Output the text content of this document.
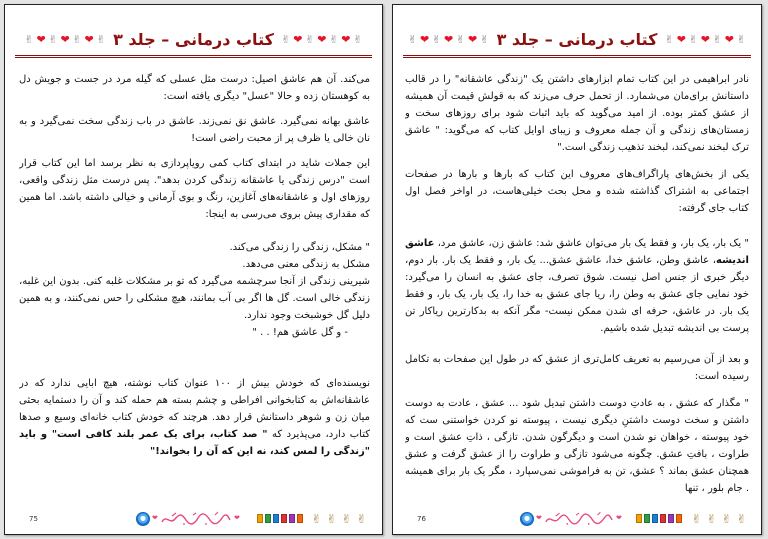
✌
❤
✌
❤
✌
❤
✌
کتاب درمانی – جلد ۳
✌
❤
✌
❤
✌
❤
✌

می‌کند. آن هم عاشق اصیل: درست مثل عسلی که گیله مرد در جست و جویش دل به کوهستان زده و حالا "عسل" دیگری یافته است:

عاشق بهانه نمی‌گیرد. عاشق نق نمی‌زند. عاشق در باب زندگی سخت نمی‌گیرد و به نان خالی یا ظرف پر از محبت راضی است!

این جملات شاید در ابتدای کتاب کمی رویاپردازی به نظر برسد اما این کتاب قرار است "درس زندگی یا عاشقانه زندگی کردن بدهد". پس درست مثل زندگی واقعی، روزهای اول و عاشقانه‌های آغازین، رنگ و بوی آرمانی و خیالی داشته باشد. اما همین که مقداری پیش بروی می‌رسی به اینجا:

" مشکل، زندگی را زندگی می‌کند.

مشکل به زندگی معنی می‌دهد.

شیرینی زندگی از آنجا سرچشمه می‌گیرد که تو بر مشکلات غلبه کنی. بدون این غلبه، زندگی خالی است. گل ها اگر بی آب بمانند، هیچ مشکلی را حس نمی‌کنند، و به همین دلیل گل خوشبخت وجود ندارد.

- و گل عاشق هم! . . "

نویسنده‌ای که خودش بیش از ۱۰۰ عنوان کتاب نوشته، هیچ ابایی ندارد که در عاشقانه‌اش به کتابخوانی افراطی و چشم بسته هم حمله کند و آن را دستمایه بحثی میان زن و شوهر داستانش قرار دهد. هرچند که خودش کتاب خانه‌ای وسیع و صدها کتاب دارد، می‌پذیرد که " صد کتاب، برای یک عمر بلند کافی است" و باید "زندگی را لمس کند، نه این که آن را بخواند!"

75
❤
❤
✌
✌
✌
✌
✌
❤
✌
❤
✌
❤
✌
کتاب درمانی – جلد ۳
✌
❤
✌
❤
✌
❤
✌

نادر ابراهیمی در این کتاب تمام ابزارهای داشتن یک "زندگی عاشقانه" را در قالب داستانش برای‌مان می‌شمارد. از تحمل حرف می‌زند که به قولش قیمت آن همیشه از عشق کمتر بوده. از امید می‌گوید که باید اثبات شود برای روزهای سخت و زمستان‌های زندگی و آن جمله معروف و زیبای اوایل کتاب که می‌گوید: " عاشق ترک لبخند نمی‌کند، لبخند تذهیب زندگی است."

یکی از بخش‌های پاراگراف‌های معروف این کتاب که بارها و بارها در صفحات اجتماعی به اشتراک گذاشته شده و محل بحث خیلی‌هاست، در اواخر فصل اول کتاب جای گرفته:

" یک بار، یک بار، و فقط یک بار می‌توان عاشق شد: عاشق زن، عاشق مرد، عاشق اندیشه، عاشق وطن، عاشق خدا، عاشق عشق... یک بار، و فقط یک بار. بار دوم، دیگر خبری از جنس اصل نیست. شوق تصرف، جای عشق به انسان را می‌گیرد: خود نمایی جای عشق به وطن را، ریا جای عشق به خدا را، یک بار، یک بار، و فقط یک بار. در عاشق، حرفه ای شدن ممکن نیست- مگر آنکه به بدکارترین ریاکار تن پرست بی اندیشه تبدیل شده باشیم.

و بعد از آن می‌رسیم به تعریف کامل‌تری از عشق که در طول این صفحات به تکامل رسیده است:

" مگذار که عشق ، به عادتِ دوست داشتن تبدیل شود ... عشق ، عادت به دوست داشتن و سخت دوست داشتنِ دیگری نیست ، پیوسته نو کردن خواستنی ست که خود پیوسته ، خواهان نو شدن است و دیگرگون شدن. تازگی ، ذاتِ عشق است و طراوت ، بافتِ عشق. چگونه می‌شود تازگی و طراوت را از عشق گرفت و عشق همچنان عشق بماند ؟ عشق، تن به فراموشی نمی‌سپارد ، مگر یک بار برای همیشه . جام بلور ، تنها

76
❤
❤
✌
✌
✌
✌
